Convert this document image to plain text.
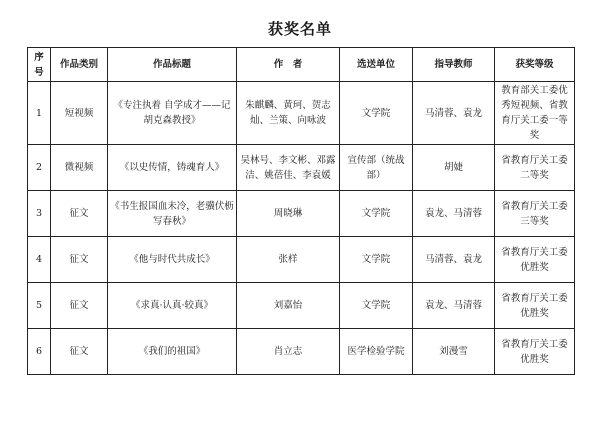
获奖名单
序号	作品类别	作品标题	作　者	选送单位	指导教师	获奖等级
1	短视频	《专注执着 自学成才——记胡克森教授》	朱麒麟、黄珂、贺志灿、兰策、向咏波	文学院	马清蓉、袁龙	教育部关工委优秀短视频、省教育厅关工委一等奖
2	微视频	《以史传情，铸魂育人》	吴林号、李文彬、邓露洁、姚蓓佳、李袁媛	宣传部（统战部）	胡婕	省教育厅关工委二等奖
3	征文	《书生报国血未冷，老骥伏枥写春秋》	周晓琳	文学院	袁龙、马清蓉	省教育厅关工委三等奖
4	征文	《他与时代共成长》	张样	文学院	马清蓉、袁龙	省教育厅关工委优胜奖
5	征文	《求真·认真·较真》	刘嘉怡	文学院	袁龙、马清蓉	省教育厅关工委优胜奖
6	征文	《我们的祖国》	肖立志	医学检验学院	刘漫雪	省教育厅关工委优胜奖
